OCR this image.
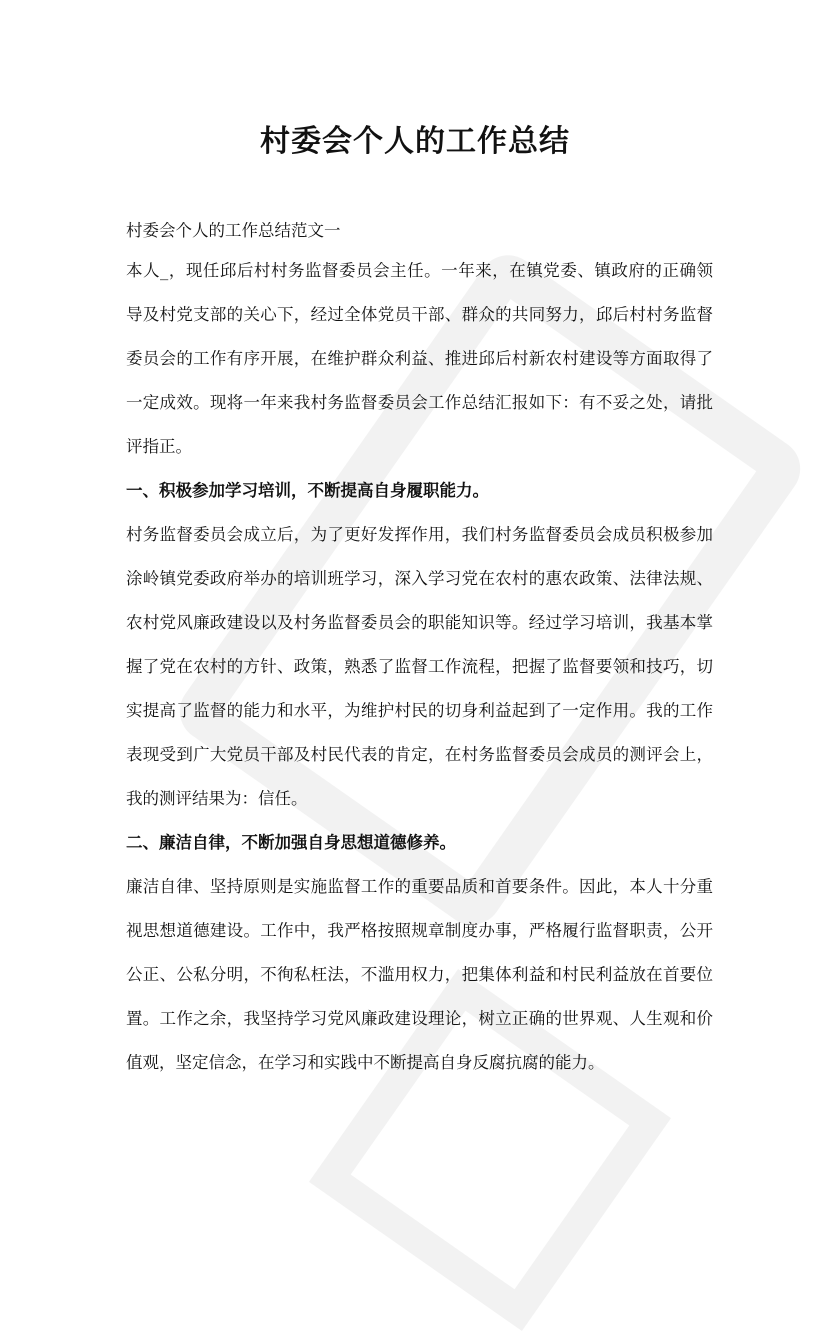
村委会个人的工作总结
村委会个人的工作总结范文一
本人_，现任邱后村村务监督委员会主任。一年来，在镇党委、镇政府的正确领
导及村党支部的关心下，经过全体党员干部、群众的共同努力，邱后村村务监督
委员会的工作有序开展，在维护群众利益、推进邱后村新农村建设等方面取得了
一定成效。现将一年来我村务监督委员会工作总结汇报如下：有不妥之处，请批
评指正。
一、积极参加学习培训，不断提高自身履职能力。
村务监督委员会成立后，为了更好发挥作用，我们村务监督委员会成员积极参加
涂岭镇党委政府举办的培训班学习，深入学习党在农村的惠农政策、法律法规、
农村党风廉政建设以及村务监督委员会的职能知识等。经过学习培训，我基本掌
握了党在农村的方针、政策，熟悉了监督工作流程，把握了监督要领和技巧，切
实提高了监督的能力和水平，为维护村民的切身利益起到了一定作用。我的工作
表现受到广大党员干部及村民代表的肯定，在村务监督委员会成员的测评会上，
我的测评结果为：信任。
二、廉洁自律，不断加强自身思想道德修养。
廉洁自律、坚持原则是实施监督工作的重要品质和首要条件。因此，本人十分重
视思想道德建设。工作中，我严格按照规章制度办事，严格履行监督职责，公开
公正、公私分明，不徇私枉法，不滥用权力，把集体利益和村民利益放在首要位
置。工作之余，我坚持学习党风廉政建设理论，树立正确的世界观、人生观和价
值观，坚定信念，在学习和实践中不断提高自身反腐抗腐的能力。
